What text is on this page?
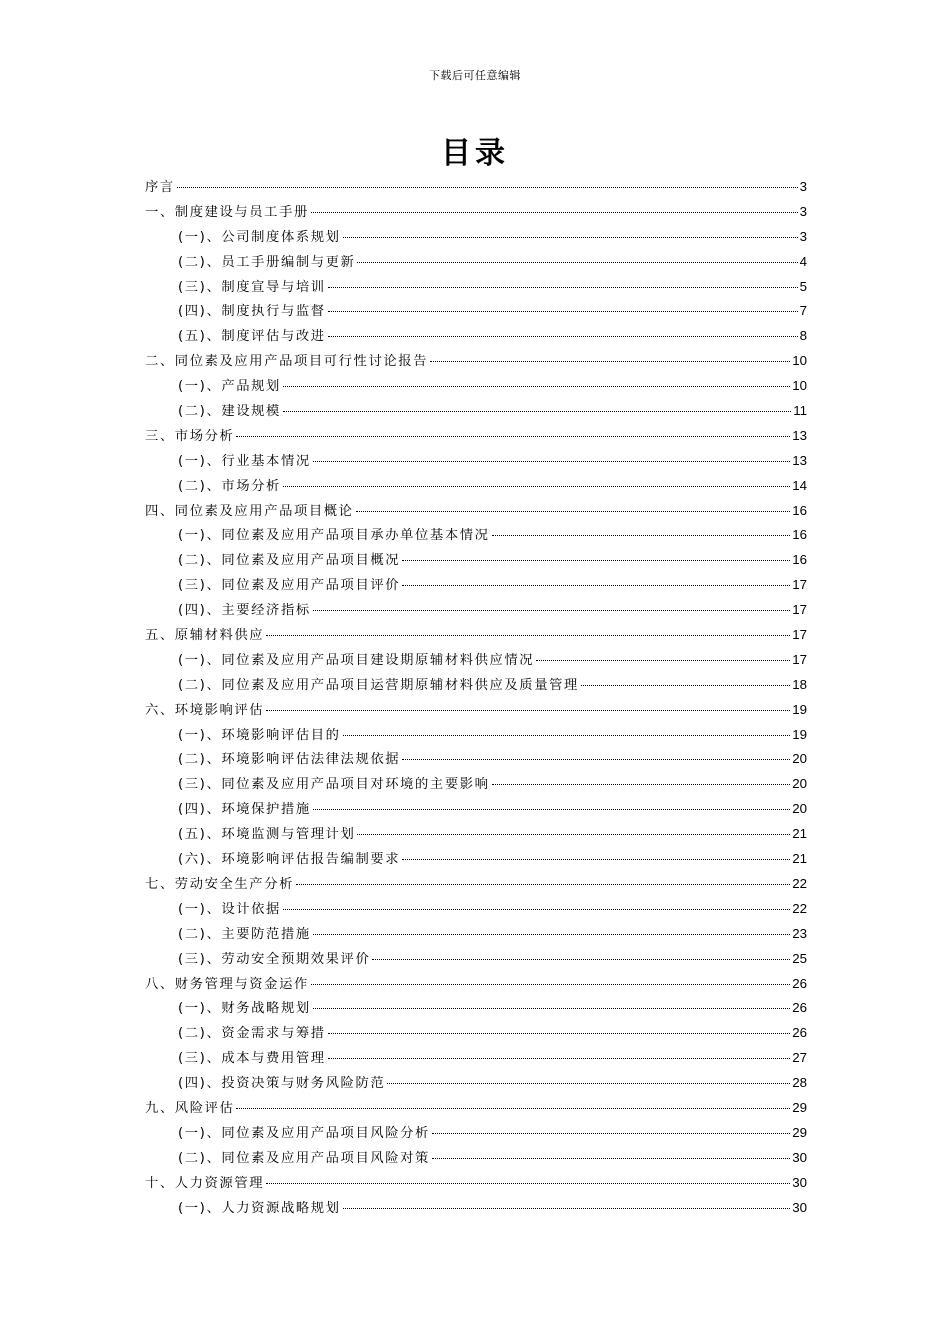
下载后可任意编辑
目录
序言	3
一、制度建设与员工手册	3
(一)、公司制度体系规划	3
(二)、员工手册编制与更新	4
(三)、制度宣导与培训	5
(四)、制度执行与监督	7
(五)、制度评估与改进	8
二、同位素及应用产品项目可行性讨论报告	10
(一)、产品规划	10
(二)、建设规模	11
三、市场分析	13
(一)、行业基本情况	13
(二)、市场分析	14
四、同位素及应用产品项目概论	16
(一)、同位素及应用产品项目承办单位基本情况	16
(二)、同位素及应用产品项目概况	16
(三)、同位素及应用产品项目评价	17
(四)、主要经济指标	17
五、原辅材料供应	17
(一)、同位素及应用产品项目建设期原辅材料供应情况	17
(二)、同位素及应用产品项目运营期原辅材料供应及质量管理	18
六、环境影响评估	19
(一)、环境影响评估目的	19
(二)、环境影响评估法律法规依据	20
(三)、同位素及应用产品项目对环境的主要影响	20
(四)、环境保护措施	20
(五)、环境监测与管理计划	21
(六)、环境影响评估报告编制要求	21
七、劳动安全生产分析	22
(一)、设计依据	22
(二)、主要防范措施	23
(三)、劳动安全预期效果评价	25
八、财务管理与资金运作	26
(一)、财务战略规划	26
(二)、资金需求与筹措	26
(三)、成本与费用管理	27
(四)、投资决策与财务风险防范	28
九、风险评估	29
(一)、同位素及应用产品项目风险分析	29
(二)、同位素及应用产品项目风险对策	30
十、人力资源管理	30
(一)、人力资源战略规划	30
